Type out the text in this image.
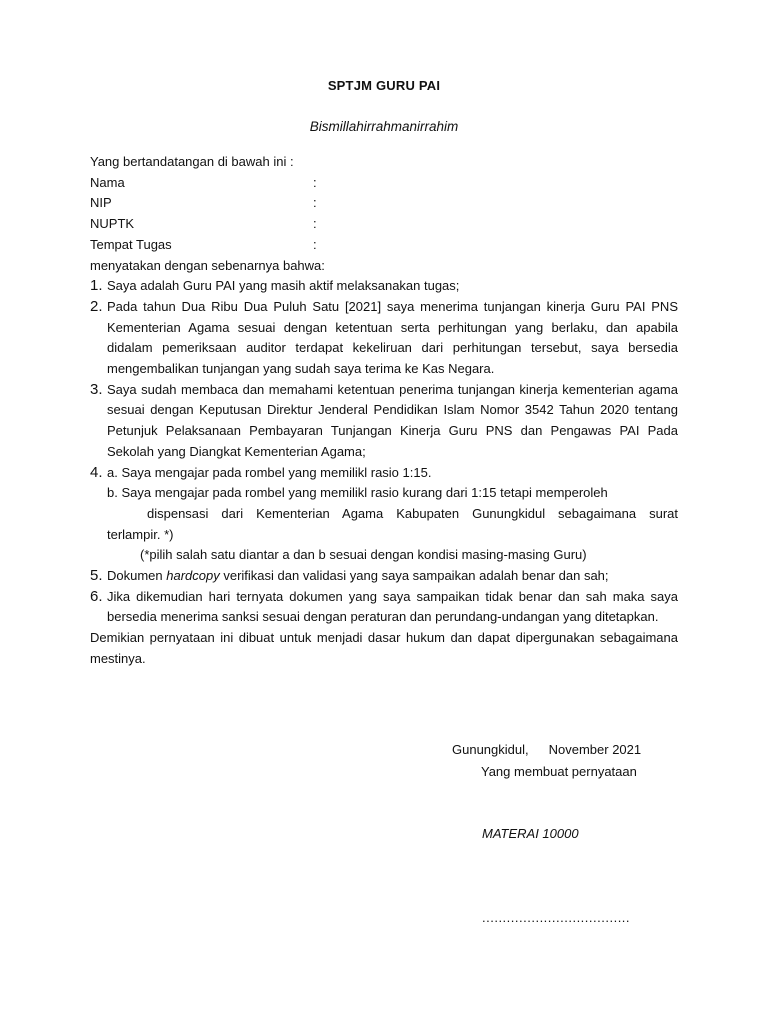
SPTJM GURU PAI
Bismillahirrahmanirrahim
Yang bertandatangan di bawah ini :
Nama	:
NIP	:
NUPTK	:
Tempat Tugas	:
menyatakan dengan sebenarnya bahwa:
1. Saya adalah Guru PAI yang masih aktif melaksanakan tugas;
2. Pada tahun Dua Ribu Dua Puluh Satu [2021] saya menerima tunjangan kinerja Guru PAI PNS Kementerian Agama sesuai dengan ketentuan serta perhitungan yang berlaku, dan apabila didalam pemeriksaan auditor terdapat kekeliruan dari perhitungan tersebut, saya bersedia mengembalikan tunjangan yang sudah saya terima ke Kas Negara.
3. Saya sudah membaca dan memahami ketentuan penerima tunjangan kinerja kementerian agama sesuai dengan Keputusan Direktur Jenderal Pendidikan Islam Nomor 3542 Tahun 2020 tentang Petunjuk Pelaksanaan Pembayaran Tunjangan Kinerja Guru PNS dan Pengawas PAI Pada Sekolah yang Diangkat Kementerian Agama;
4. a. Saya mengajar pada rombel yang memilikl rasio 1:15.
b. Saya mengajar pada rombel yang memilikl rasio kurang dari 1:15 tetapi memperoleh
dispensasi dari Kementerian Agama Kabupaten Gunungkidul sebagaimana surat
terlampir. *)
(*pilih salah satu diantar a dan b sesuai dengan kondisi masing-masing Guru)
5. Dokumen hardcopy verifikasi dan validasi yang saya sampaikan adalah benar dan sah;
6. Jika dikemudian hari ternyata dokumen yang saya sampaikan tidak benar dan sah maka saya bersedia menerima sanksi sesuai dengan peraturan dan perundang-undangan yang ditetapkan.
Demikian pernyataan ini dibuat untuk menjadi dasar hukum dan dapat dipergunakan sebagaimana mestinya.
Gunungkidul, November 2021
Yang membuat pernyataan
MATERAI 10000
....................................
